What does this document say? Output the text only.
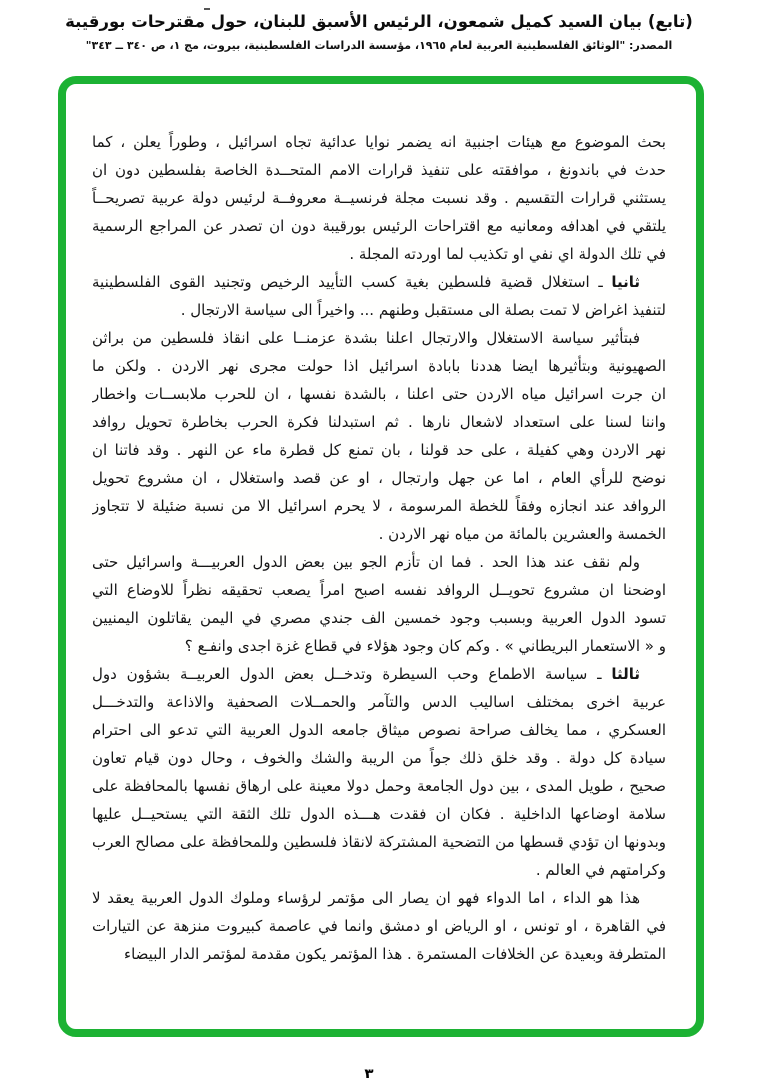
(تابع) بيان السيد كميل شمعون، الرئيس الأسبق للبنان، حول مقترحات بورقيبة
المصدر: "الوثائق الفلسطينية العربية لعام ١٩٦٥، مؤسسة الدراسات الفلسطينية، بيروت، مج ١، ص ٣٤٠ ــ ٣٤٣"
بحث الموضوع مع هيئات اجنبية انه يضمر نوايا عدائية تجاه اسرائيل ، وطوراً يعلن ، كما
حدث في باندونغ ، موافقته على تنفيذ قرارات الامم المتحــدة الخاصة بفلسطين دون ان
يستثني قرارات التقسيم . وقد نسبت مجلة فرنسيــة معروفــة لرئيس دولة عربية تصريحــاً
يلتقي في اهدافه ومعانيه مع اقتراحات الرئيس بورقيبة دون ان تصدر عن المراجع الرسمية
في تلك الدولة اي نفي او تكذيب لما اوردته المجلة .
ثانيا ـ استغلال قضية فلسطين بغية كسب التأييد الرخيص وتجنيد القوى الفلسطينية
لتنفيذ اغراض لا تمت بصلة الى مستقبل وطنهم ... واخيراً الى سياسة الارتجال .
فبتأثير سياسة الاستغلال والارتجال اعلنا بشدة عزمنــا على انقاذ فلسطين من براثن
الصهيونية وبتأثيرها ايضا هددنا بابادة اسرائيل اذا حولت مجرى نهر الاردن . ولكن ما
ان جرت اسرائيل مياه الاردن حتى اعلنا ، بالشدة نفسها ، ان للحرب ملابســات واخطار
واننا لسنا على استعداد لاشعال نارها . ثم استبدلنا فكرة الحرب بخاطرة تحويل روافد
نهر الاردن وهي كفيلة ، على حد قولنا ، بان تمنع كل قطرة ماء عن النهر . وقد فاتنا ان
نوضح للرأي العام ، اما عن جهل وارتجال ، او عن قصد واستغلال ، ان مشروع تحويل
الروافد عند انجازه وفقاً للخطة المرسومة ، لا يحرم اسرائيل الا من نسبة ضئيلة لا تتجاوز
الخمسة والعشرين بالمائة من مياه نهر الاردن .
ولم نقف عند هذا الحد . فما ان تأزم الجو بين بعض الدول العربيـــة واسرائيل حتى
اوضحنا ان مشروع تحويــل الروافد نفسه اصبح امراً يصعب تحقيقه نظراً للاوضاع التي
تسود الدول العربية وبسبب وجود خمسين الف جندي مصري في اليمن يقاتلون اليمنيين
و « الاستعمار البريطاني » . وكم كان وجود هؤلاء في قطاع غزة اجدى وانفـع ؟
ثالثا ـ سياسة الاطماع وحب السيطرة وتدخــل بعض الدول العربيــة بشؤون دول
عربية اخرى بمختلف اساليب الدس والتآمر والحمــلات الصحفية والاذاعة والتدخـــل
العسكري ، مما يخالف صراحة نصوص ميثاق جامعه الدول العربية التي تدعو الى احترام
سيادة كل دولة . وقد خلق ذلك جواً من الريبة والشك والخوف ، وحال دون قيام تعاون
صحيح ، طويل المدى ، بين دول الجامعة وحمل دولا معينة على ارهاق نفسها بالمحافظة على
سلامة اوضاعها الداخلية . فكان ان فقدت هـــذه الدول تلك الثقة التي يستحيــل عليها
وبدونها ان تؤدي قسطها من التضحية المشتركة لانقاذ فلسطين وللمحافظة على مصالح العرب
وكرامتهم في العالم .
هذا هو الداء ، اما الدواء فهو ان يصار الى مؤتمر لرؤساء وملوك الدول العربية يعقد لا
في القاهرة ، او تونس ، او الرياض او دمشق وانما في عاصمة كبيروت منزهة عن التيارات
المتطرفة وبعيدة عن الخلافات المستمرة . هذا المؤتمر يكون مقدمة لمؤتمر الدار البيضاء
٣
